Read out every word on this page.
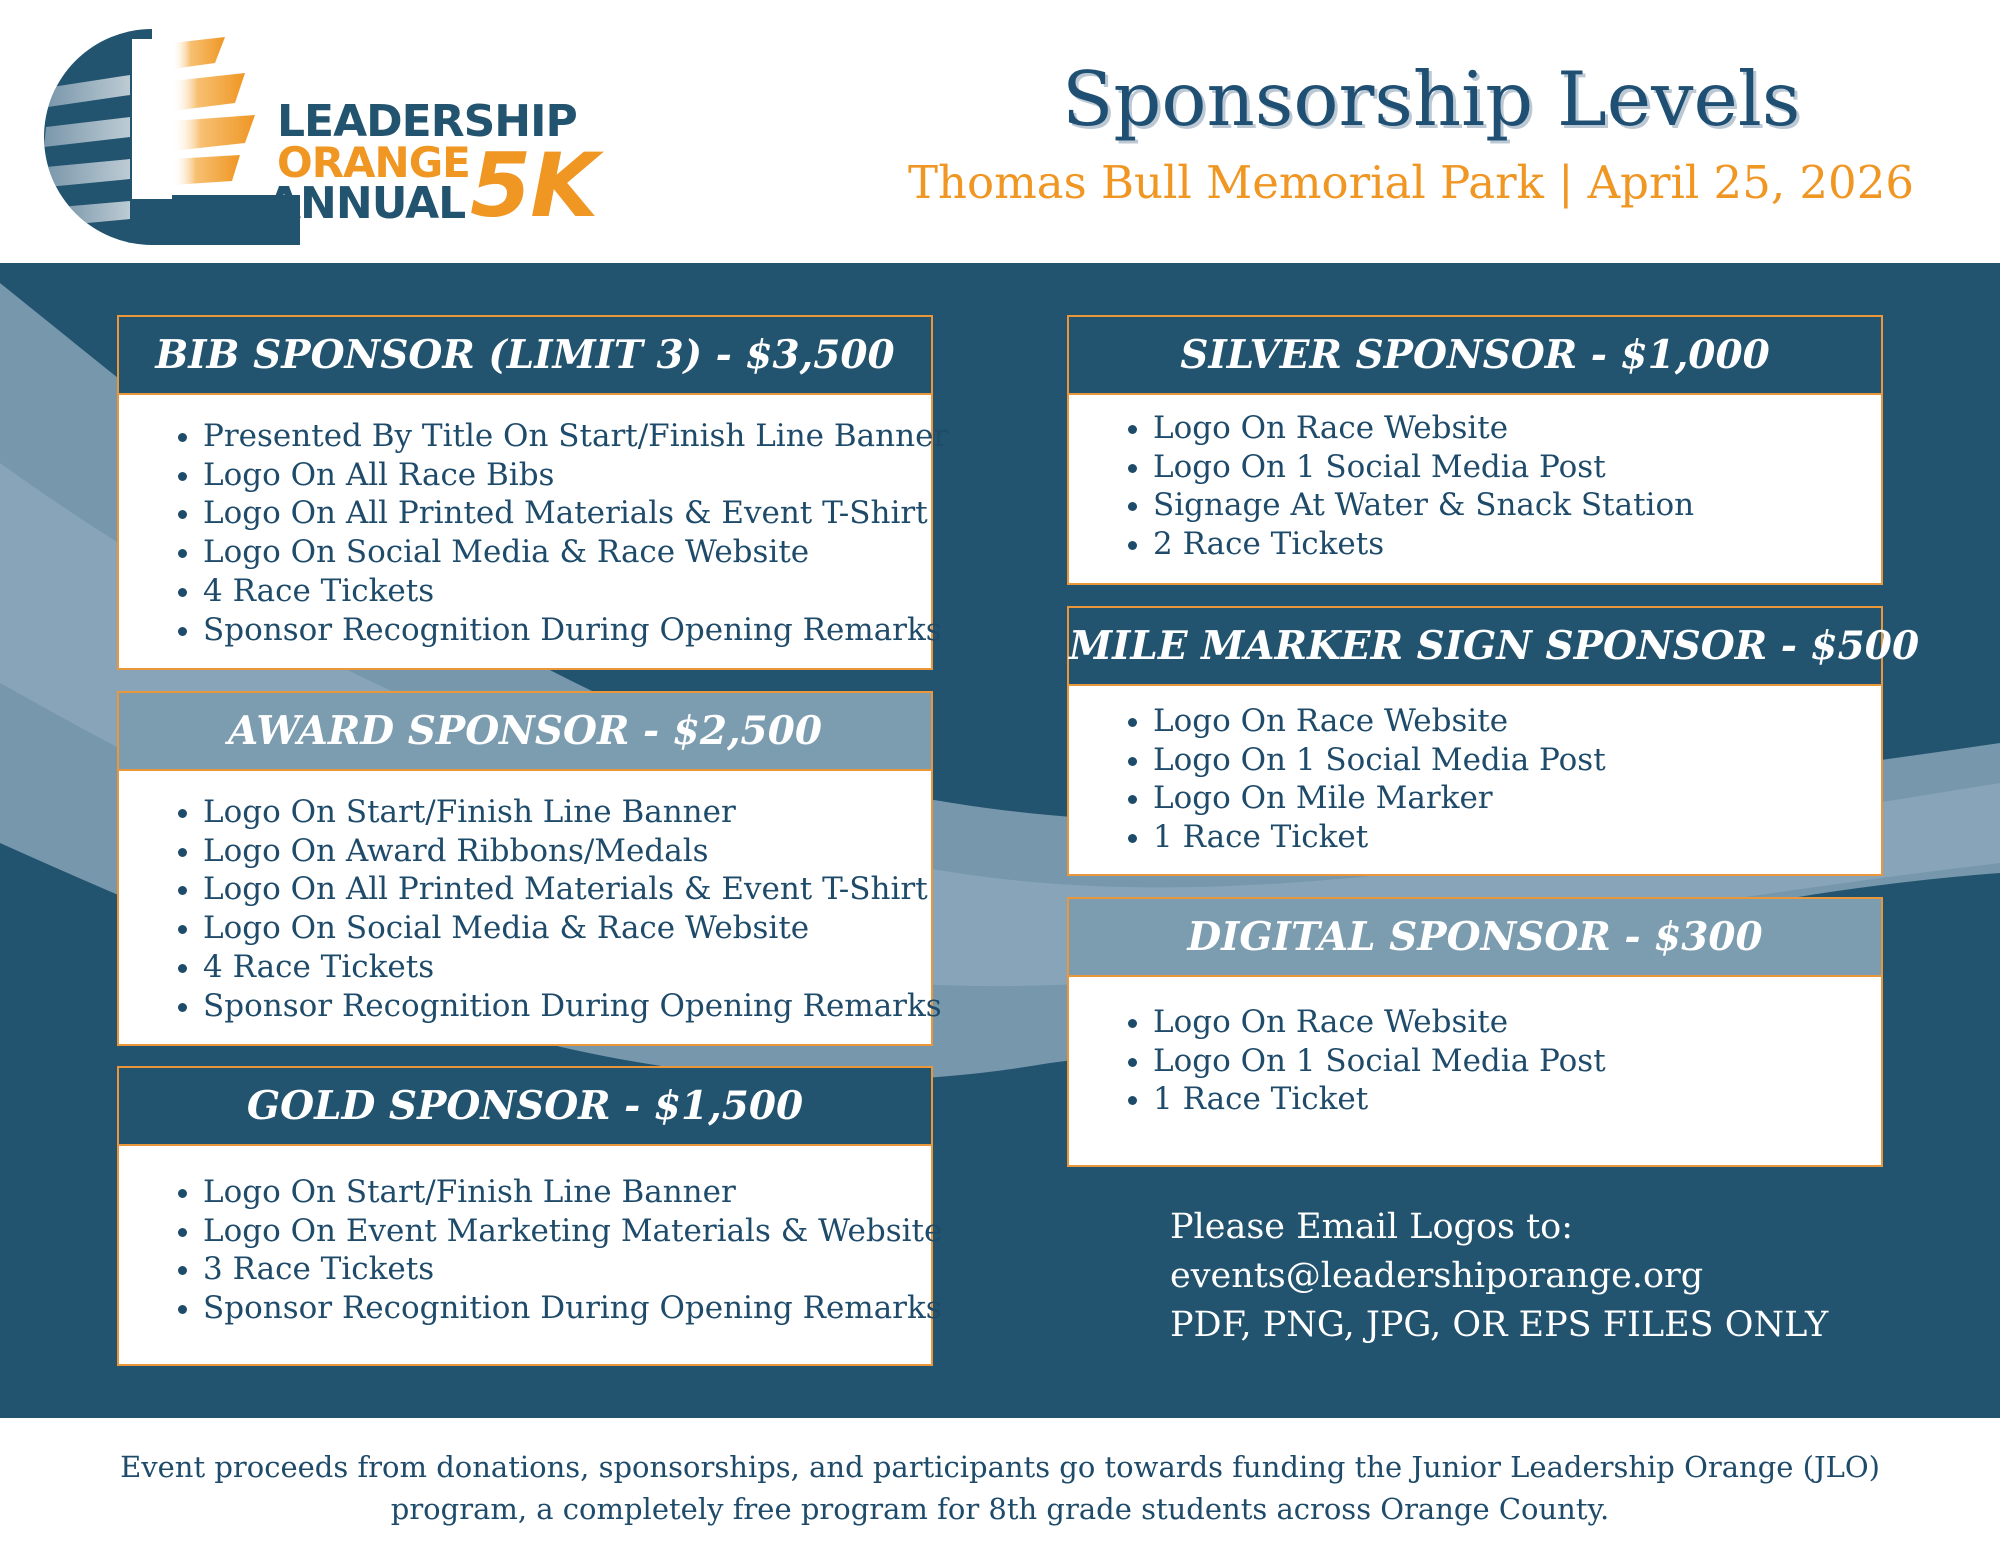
LEADERSHIP
ORANGE
ANNUAL 5K
Sponsorship Levels
Thomas Bull Memorial Park | April 25, 2026
BIB SPONSOR (LIMIT 3) - $3,500
• Presented By Title On Start/Finish Line Banner
• Logo On All Race Bibs
• Logo On All Printed Materials & Event T-Shirt
• Logo On Social Media & Race Website
• 4 Race Tickets
• Sponsor Recognition During Opening Remarks
AWARD SPONSOR - $2,500
• Logo On Start/Finish Line Banner
• Logo On Award Ribbons/Medals
• Logo On All Printed Materials & Event T-Shirt
• Logo On Social Media & Race Website
• 4 Race Tickets
• Sponsor Recognition During Opening Remarks
GOLD SPONSOR - $1,500
• Logo On Start/Finish Line Banner
• Logo On Event Marketing Materials & Website
• 3 Race Tickets
• Sponsor Recognition During Opening Remarks
SILVER SPONSOR - $1,000
• Logo On Race Website
• Logo On 1 Social Media Post
• Signage At Water & Snack Station
• 2 Race Tickets
MILE MARKER SIGN SPONSOR - $500
• Logo On Race Website
• Logo On 1 Social Media Post
• Logo On Mile Marker
• 1 Race Ticket
DIGITAL SPONSOR - $300
• Logo On Race Website
• Logo On 1 Social Media Post
• 1 Race Ticket
Please Email Logos to:
events@leadershiporange.org
PDF, PNG, JPG, OR EPS FILES ONLY

Event proceeds from donations, sponsorships, and participants go towards funding the Junior Leadership Orange (JLO) program, a completely free program for 8th grade students across Orange County.
